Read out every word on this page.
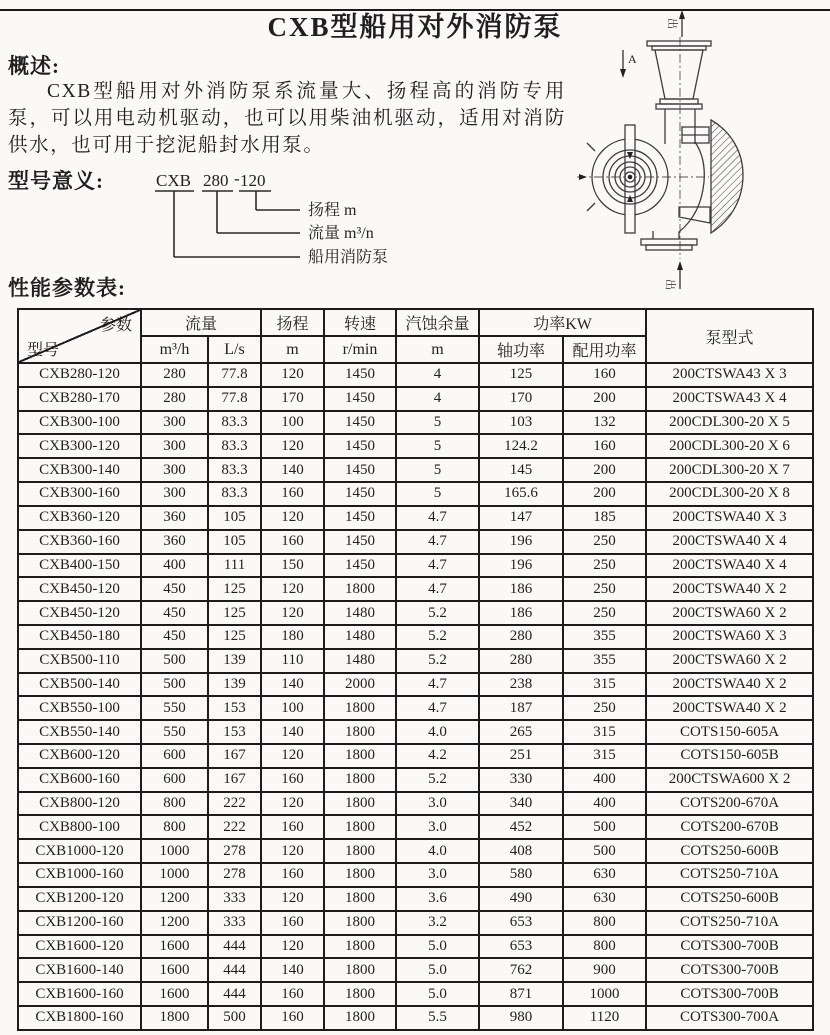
CXB型船用对外消防泵
概述:

CXB型船用对外消防泵系流量大、扬程高的消防专用泵，可以用电动机驱动，也可以用柴油机驱动，适用对消防供水，也可用于挖泥船封水用泵。

型号意义:	CXB 280 - 120
扬程 m
流量 m³/n
船用消防泵
性能参数表:
出
A
出
参数
型号	流量		扬程	转速	汽蚀余量	功率KW		泵型式
	m³/h	L/s	m	r/min	m	轴功率	配用功率	
CXB280-120	280	77.8	120	1450	4	125	160	200CTSWA43 X 3
CXB280-170	280	77.8	170	1450	4	170	200	200CTSWA43 X 4
CXB300-100	300	83.3	100	1450	5	103	132	200CDL300-20 X 5
CXB300-120	300	83.3	120	1450	5	124.2	160	200CDL300-20 X 6
CXB300-140	300	83.3	140	1450	5	145	200	200CDL300-20 X 7
CXB300-160	300	83.3	160	1450	5	165.6	200	200CDL300-20 X 8
CXB360-120	360	105	120	1450	4.7	147	185	200CTSWA40 X 3
CXB360-160	360	105	160	1450	4.7	196	250	200CTSWA40 X 4
CXB400-150	400	111	150	1450	4.7	196	250	200CTSWA40 X 4
CXB450-120	450	125	120	1800	4.7	186	250	200CTSWA40 X 2
CXB450-120	450	125	120	1480	5.2	186	250	200CTSWA60 X 2
CXB450-180	450	125	180	1480	5.2	280	355	200CTSWA60 X 3
CXB500-110	500	139	110	1480	5.2	280	355	200CTSWA60 X 2
CXB500-140	500	139	140	2000	4.7	238	315	200CTSWA40 X 2
CXB550-100	550	153	100	1800	4.7	187	250	200CTSWA40 X 2
CXB550-140	550	153	140	1800	4.0	265	315	COTS150-605A
CXB600-120	600	167	120	1800	4.2	251	315	COTS150-605B
CXB600-160	600	167	160	1800	5.2	330	400	200CTSWA600 X 2
CXB800-120	800	222	120	1800	3.0	340	400	COTS200-670A
CXB800-100	800	222	160	1800	3.0	452	500	COTS200-670B
CXB1000-120	1000	278	120	1800	4.0	408	500	COTS250-600B
CXB1000-160	1000	278	160	1800	3.0	580	630	COTS250-710A
CXB1200-120	1200	333	120	1800	3.6	490	630	COTS250-600B
CXB1200-160	1200	333	160	1800	3.2	653	800	COTS250-710A
CXB1600-120	1600	444	120	1800	5.0	653	800	COTS300-700B
CXB1600-140	1600	444	140	1800	5.0	762	900	COTS300-700B
CXB1600-160	1600	444	160	1800	5.0	871	1000	COTS300-700B
CXB1800-160	1800	500	160	1800	5.5	980	1120	COTS300-700A
